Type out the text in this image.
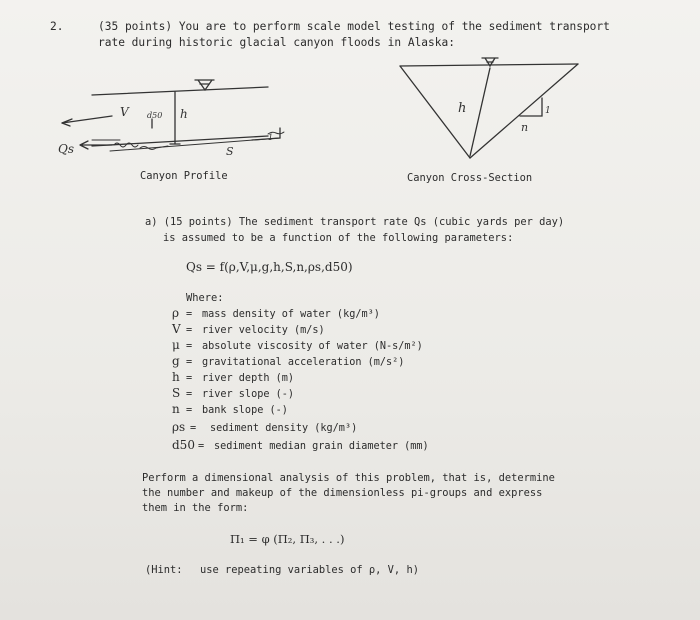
2.	(35 points) You are to perform scale model testing of the sediment transport
rate during historic glacial canyon floods in Alaska:
V d50 h
S
Qs
1
h	1
n
Canyon Profile	Canyon Cross-Section
a) (15 points) The sediment transport rate Qs (cubic yards per day)
is assumed to be a function of the following parameters:
Qs = f(ρ,V,μ,g,h,S,n,ρs,d50)
Where:
ρ = mass density of water (kg/m³)
V = river velocity (m/s)
μ = absolute viscosity of water (N-s/m²)
g = gravitational acceleration (m/s²)
h = river depth (m)
S = river slope (-)
n = bank slope (-)
ρs = sediment density (kg/m³)
d50 = sediment median grain diameter (mm)
Perform a dimensional analysis of this problem, that is, determine
the number and makeup of the dimensionless pi-groups and express
them in the form:
Π₁ = φ (Π₂, Π₃, . . .)
(Hint: use repeating variables of ρ, V, h)
